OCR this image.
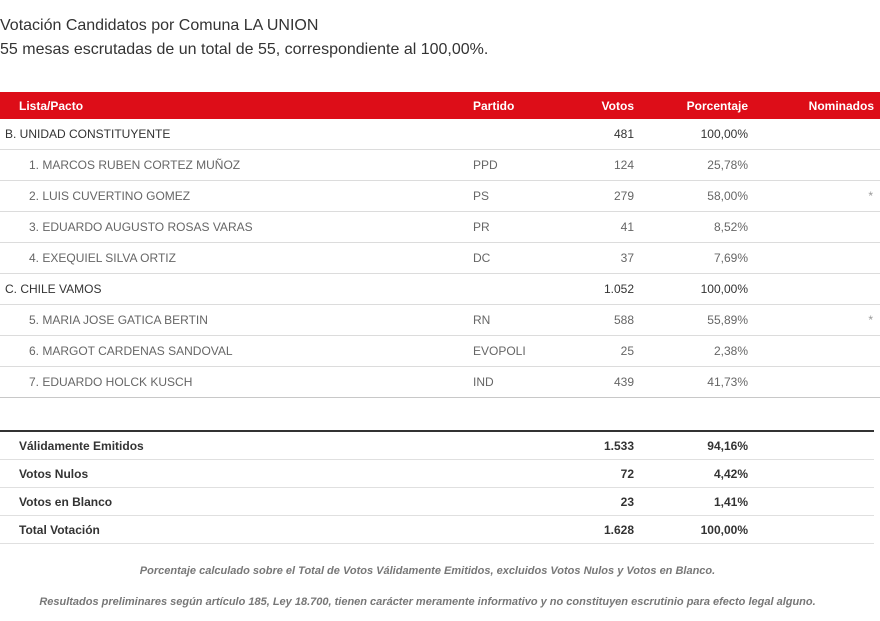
Votación Candidatos por Comuna LA UNION
55 mesas escrutadas de un total de 55, correspondiente al 100,00%.
Lista/Pacto	Partido	Votos	Porcentaje	Nominados
B. UNIDAD CONSTITUYENTE		481	100,00%	
1. MARCOS RUBEN CORTEZ MUÑOZ	PPD	124	25,78%	
2. LUIS CUVERTINO GOMEZ	PS	279	58,00%	*
3. EDUARDO AUGUSTO ROSAS VARAS	PR	41	8,52%	
4. EXEQUIEL SILVA ORTIZ	DC	37	7,69%	
C. CHILE VAMOS		1.052	100,00%	
5. MARIA JOSE GATICA BERTIN	RN	588	55,89%	*
6. MARGOT CARDENAS SANDOVAL	EVOPOLI	25	2,38%	
7. EDUARDO HOLCK KUSCH	IND	439	41,73%	
Válidamente Emitidos		1.533	94,16%	
Votos Nulos		72	4,42%	
Votos en Blanco		23	1,41%	
Total Votación		1.628	100,00%	
Porcentaje calculado sobre el Total de Votos Válidamente Emitidos, excluidos Votos Nulos y Votos en Blanco.
Resultados preliminares según artículo 185, Ley 18.700, tienen carácter meramente informativo y no constituyen escrutinio para efecto legal alguno.
